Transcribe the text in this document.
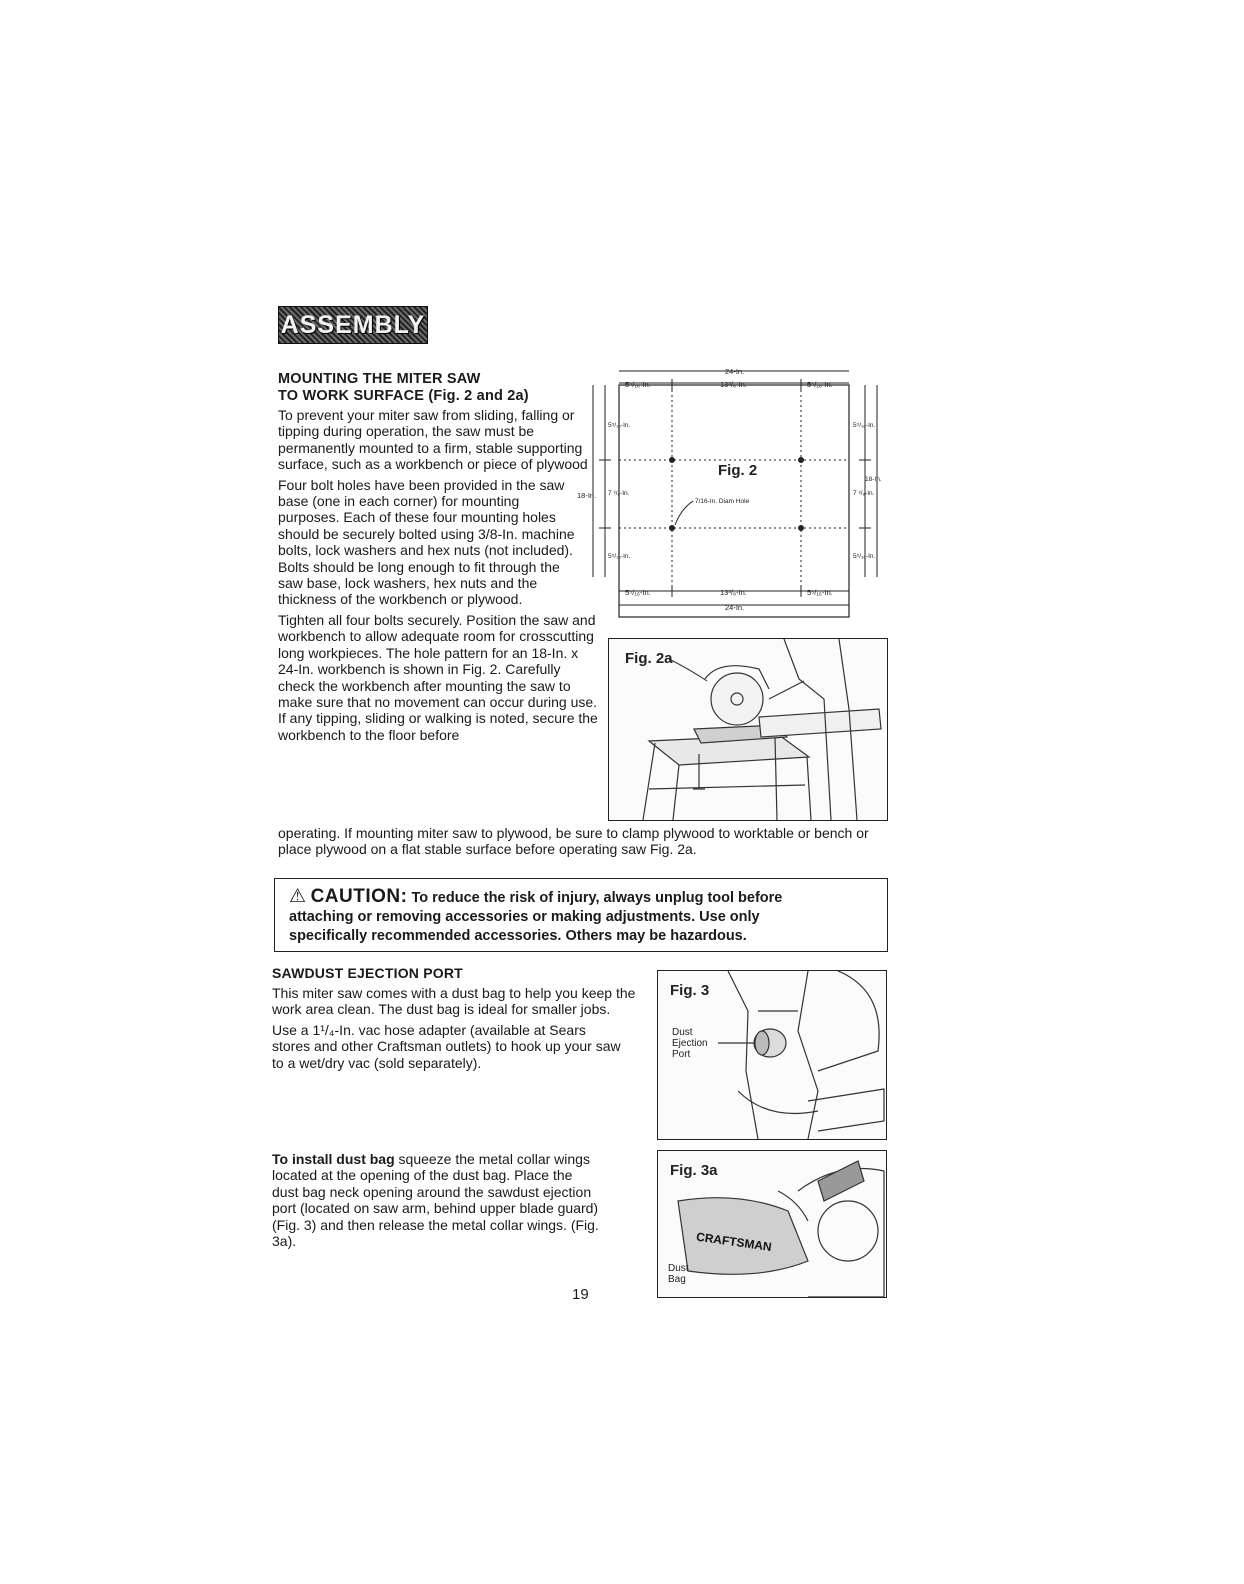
ASSEMBLY
MOUNTING THE MITER SAW
TO WORK SURFACE (Fig. 2 and 2a)

To prevent your miter saw from sliding, falling or tipping during operation, the saw must be permanently mounted to a firm, stable supporting surface, such as a workbench or piece of plywood

Four bolt holes have been provided in the saw base (one in each corner) for mounting purposes. Each of these four mounting holes should be securely bolted using 3/8-In. machine bolts, lock washers and hex nuts (not included). Bolts should be long enough to fit through the saw base, lock washers, hex nuts and the thickness of the workbench or plywood.

Tighten all four bolts securely. Position the saw and workbench to allow adequate room for crosscutting long workpieces. The hole pattern for an 18-In. x 24-In. workbench is shown in Fig. 2. Carefully check the workbench after mounting the saw to make sure that no movement can occur during use. If any tipping, sliding or walking is noted, secure the workbench to the floor before

operating. If mounting miter saw to plywood, be sure to clamp plywood to worktable or bench or place plywood on a flat stable surface before operating saw Fig. 2a.
24-In.
5⁵/₁₆-In.	13³/₈-In.	5⁵/₁₆-In.
5⁵/₁₆-In.	13³/₈-In.	5⁵/₁₆-In.
24-In.
18-In.
5⁵/₁₆-In.
7 ³/₈-In.
5⁵/₁₆-In.
5⁵/₁₆-In.
7 ³/₈-In.
5⁵/₁₆-In.
18-In.
7/16-In. Diam Hole
Fig. 2
Fig. 2a
⚠ CAUTION: To reduce the risk of injury, always unplug tool before
attaching or removing accessories or making adjustments. Use only
specifically recommended accessories. Others may be hazardous.
SAWDUST EJECTION PORT

This miter saw comes with a dust bag to help you keep the work area clean. The dust bag is ideal for smaller jobs.

Use a 1¹/₄-In. vac hose adapter (available at Sears stores and other Craftsman outlets) to hook up your saw to a wet/dry vac (sold separately).

Fig. 3
Dust Ejection Port
To install dust bag squeeze the metal collar wings located at the opening of the dust bag. Place the dust bag neck opening around the sawdust ejection port (located on saw arm, behind upper blade guard) (Fig. 3) and then release the metal collar wings. (Fig. 3a).	CRAFTSMAN
Fig. 3a
Dust Bag
19
